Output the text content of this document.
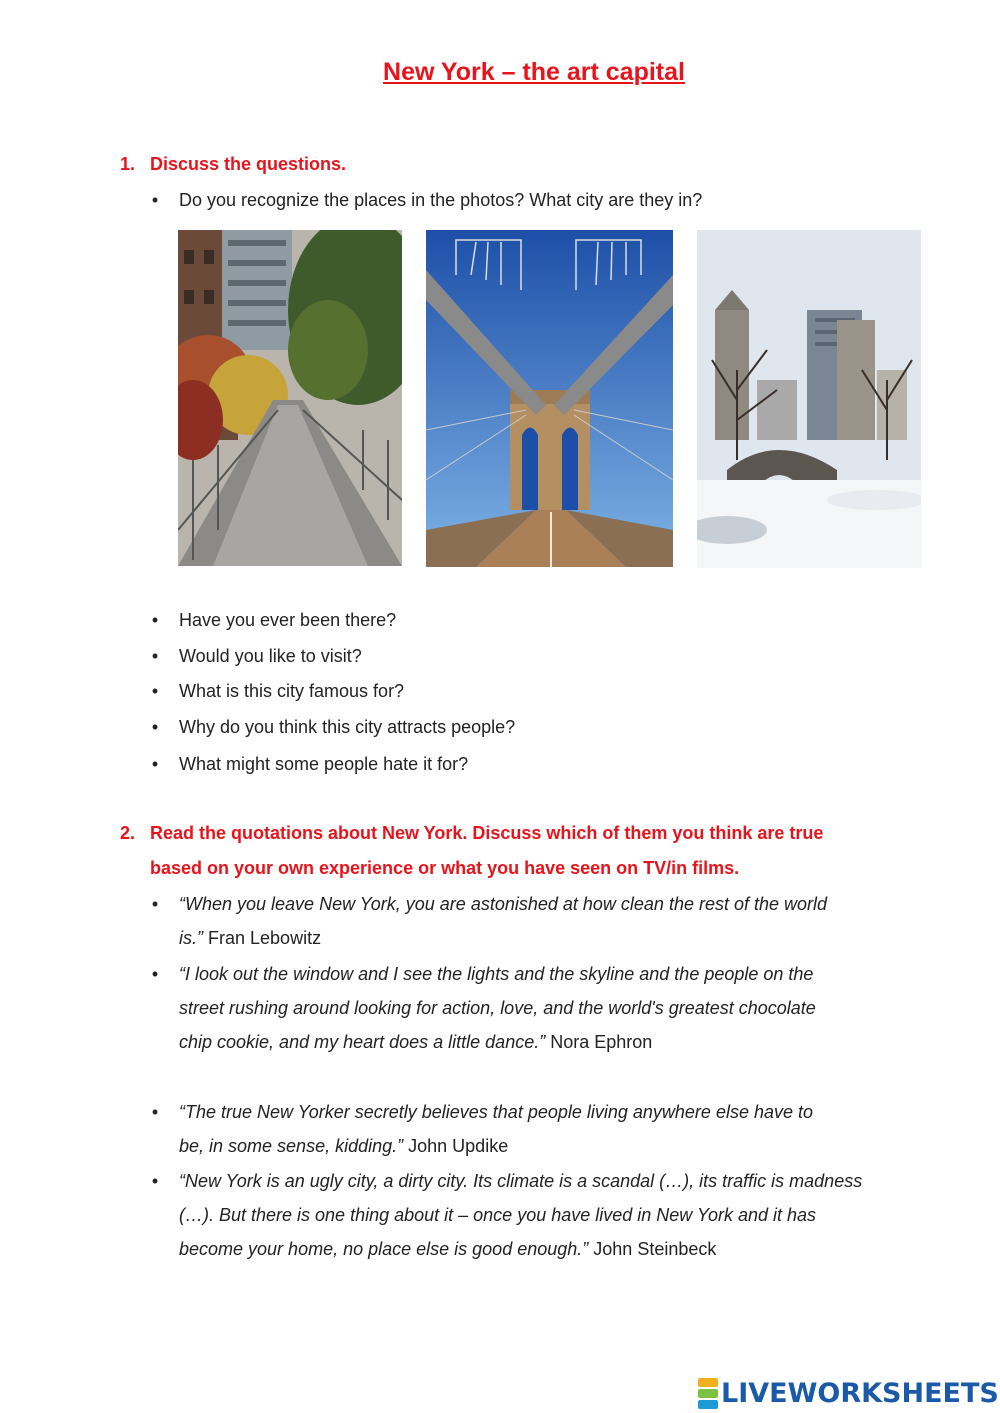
New York – the art capital
1. Discuss the questions.
• Do you recognize the places in the photos? What city are they in?
• Have you ever been there?
• Would you like to visit?
• What is this city famous for?
• Why do you think this city attracts people?
• What might some people hate it for?
2. Read the quotations about New York. Discuss which of them you think are true based on your own experience or what you have seen on TV/in films.
• “When you leave New York, you are astonished at how clean the rest of the world is.” Fran Lebowitz
• “I look out the window and I see the lights and the skyline and the people on the street rushing around looking for action, love, and the world's greatest chocolate chip cookie, and my heart does a little dance.” Nora Ephron
• “The true New Yorker secretly believes that people living anywhere else have to be, in some sense, kidding.” John Updike
• “New York is an ugly city, a dirty city. Its climate is a scandal (…), its traffic is madness (…). But there is one thing about it – once you have lived in New York and it has become your home, no place else is good enough.” John Steinbeck
LIVEWORKSHEETS
